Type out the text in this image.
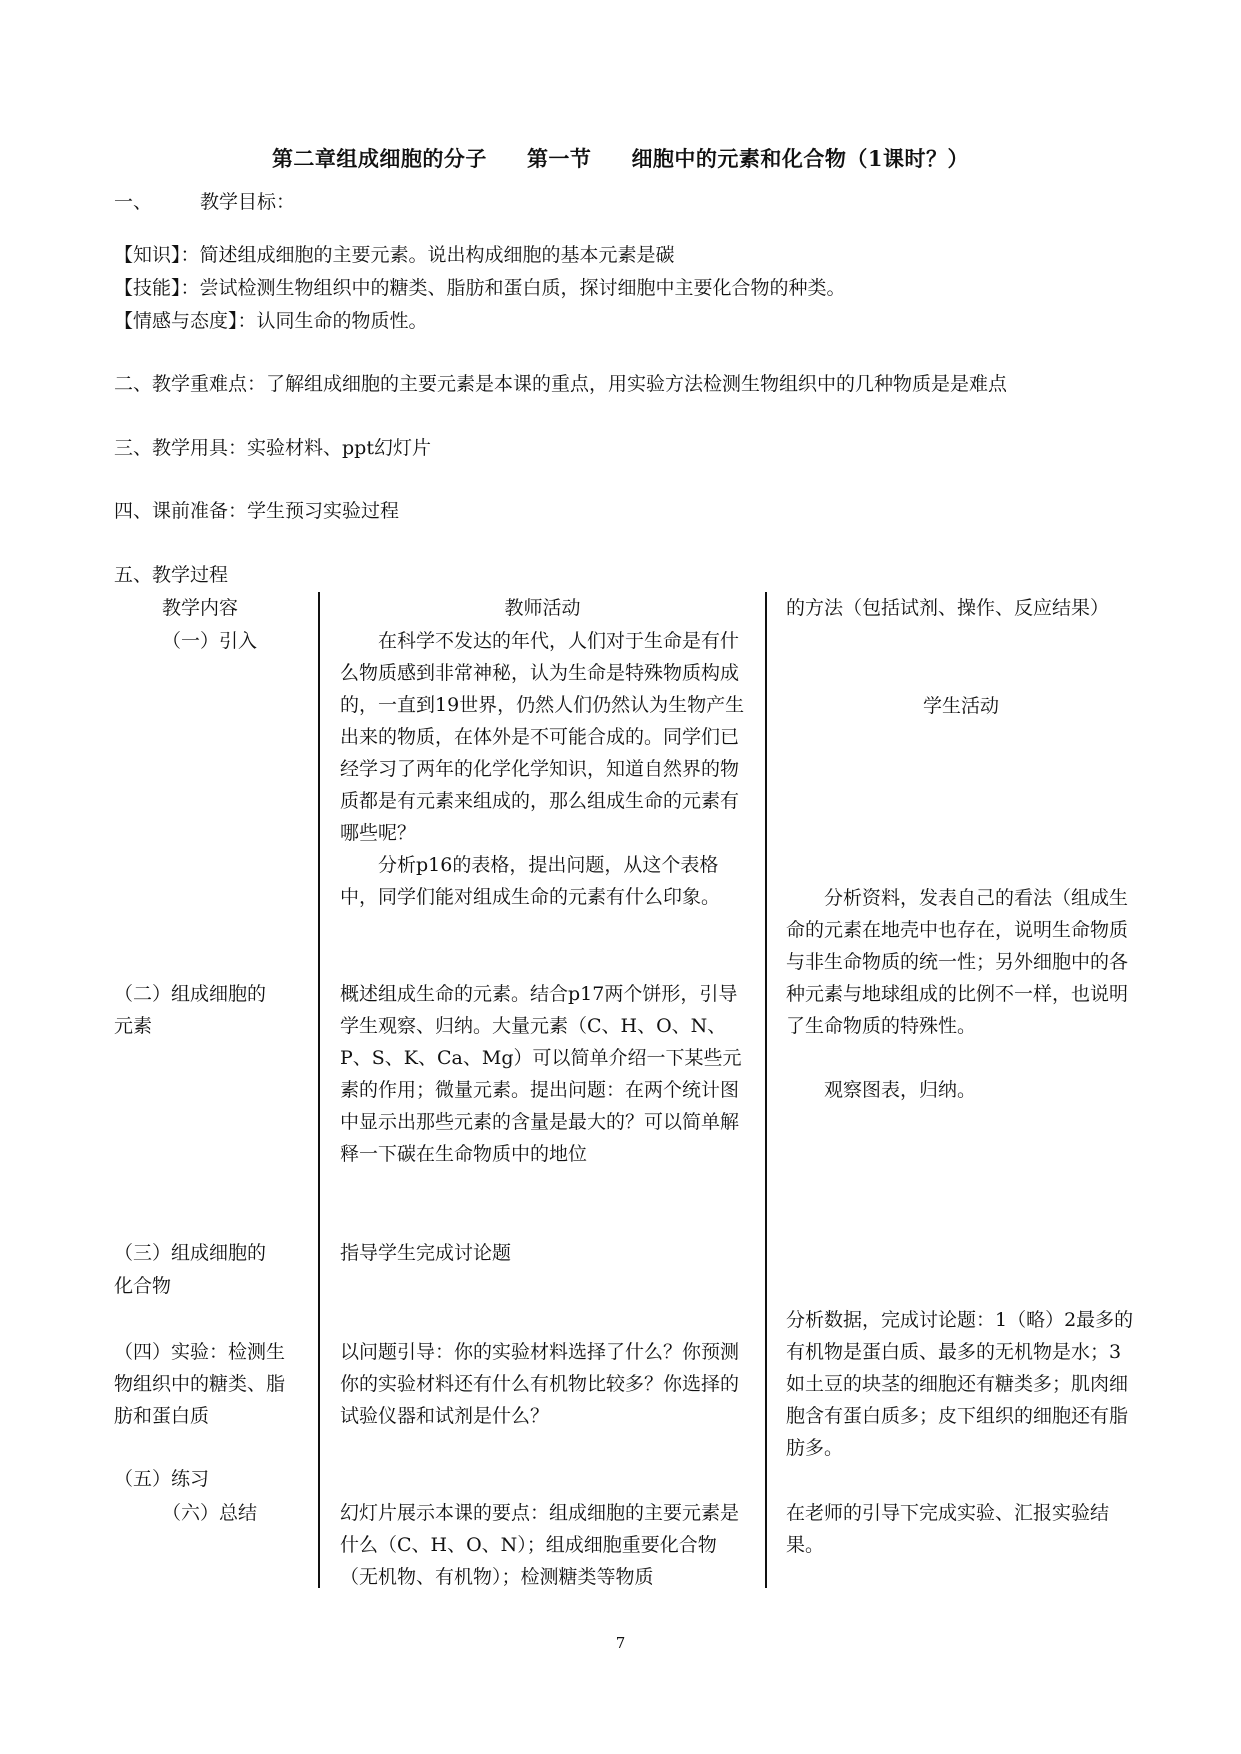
第二章组成细胞的分子 第一节 细胞中的元素和化合物（1课时？）
一、	教学目标：
【知识】：简述组成细胞的主要元素。说出构成细胞的基本元素是碳
【技能】：尝试检测生物组织中的糖类、脂肪和蛋白质，探讨细胞中主要化合物的种类。
【情感与态度】：认同生命的物质性。
二、教学重难点：了解组成细胞的主要元素是本课的重点，用实验方法检测生物组织中的几种物质是是难点
三、教学用具：实验材料、ppt幻灯片
四、课前准备：学生预习实验过程
五、教学过程
教学内容
（一）引入
（二）组成细胞的
元素
（三）组成细胞的
化合物
（四）实验：检测生
物组织中的糖类、脂
肪和蛋白质
（五）练习
（六）总结
教师活动

在科学不发达的年代，人们对于生命是有什么物质感到非常神秘，认为生命是特殊物质构成的，一直到19世界，仍然人们仍然认为生物产生出来的物质，在体外是不可能合成的。同学们已经学习了两年的化学化学知识，知道自然界的物质都是有元素来组成的，那么组成生命的元素有哪些呢？

分析p16的表格，提出问题，从这个表格中，同学们能对组成生命的元素有什么印象。

概述组成生命的元素。结合p17两个饼形，引导学生观察、归纳。大量元素（C、H、O、N、P、S、K、Ca、Mg）可以简单介绍一下某些元素的作用；微量元素。提出问题：在两个统计图中显示出那些元素的含量是最大的？可以简单解释一下碳在生命物质中的地位
指导学生完成讨论题
以问题引导：你的实验材料选择了什么？你预测你的实验材料还有什么有机物比较多？你选择的试验仪器和试剂是什么？
幻灯片展示本课的要点：组成细胞的主要元素是什么（C、H、O、N）；组成细胞重要化合物（无机物、有机物）；检测糖类等物质
的方法（包括试剂、操作、反应结果）
学生活动
分析资料，发表自己的看法（组成生命的元素在地壳中也存在，说明生命物质与非生命物质的统一性；另外细胞中的各种元素与地球组成的比例不一样，也说明了生命物质的特殊性。
观察图表，归纳。
分析数据，完成讨论题：1（略）2最多的有机物是蛋白质、最多的无机物是水；3如土豆的块茎的细胞还有糖类多；肌肉细胞含有蛋白质多；皮下组织的细胞还有脂肪多。
在老师的引导下完成实验、汇报实验结果。
7
